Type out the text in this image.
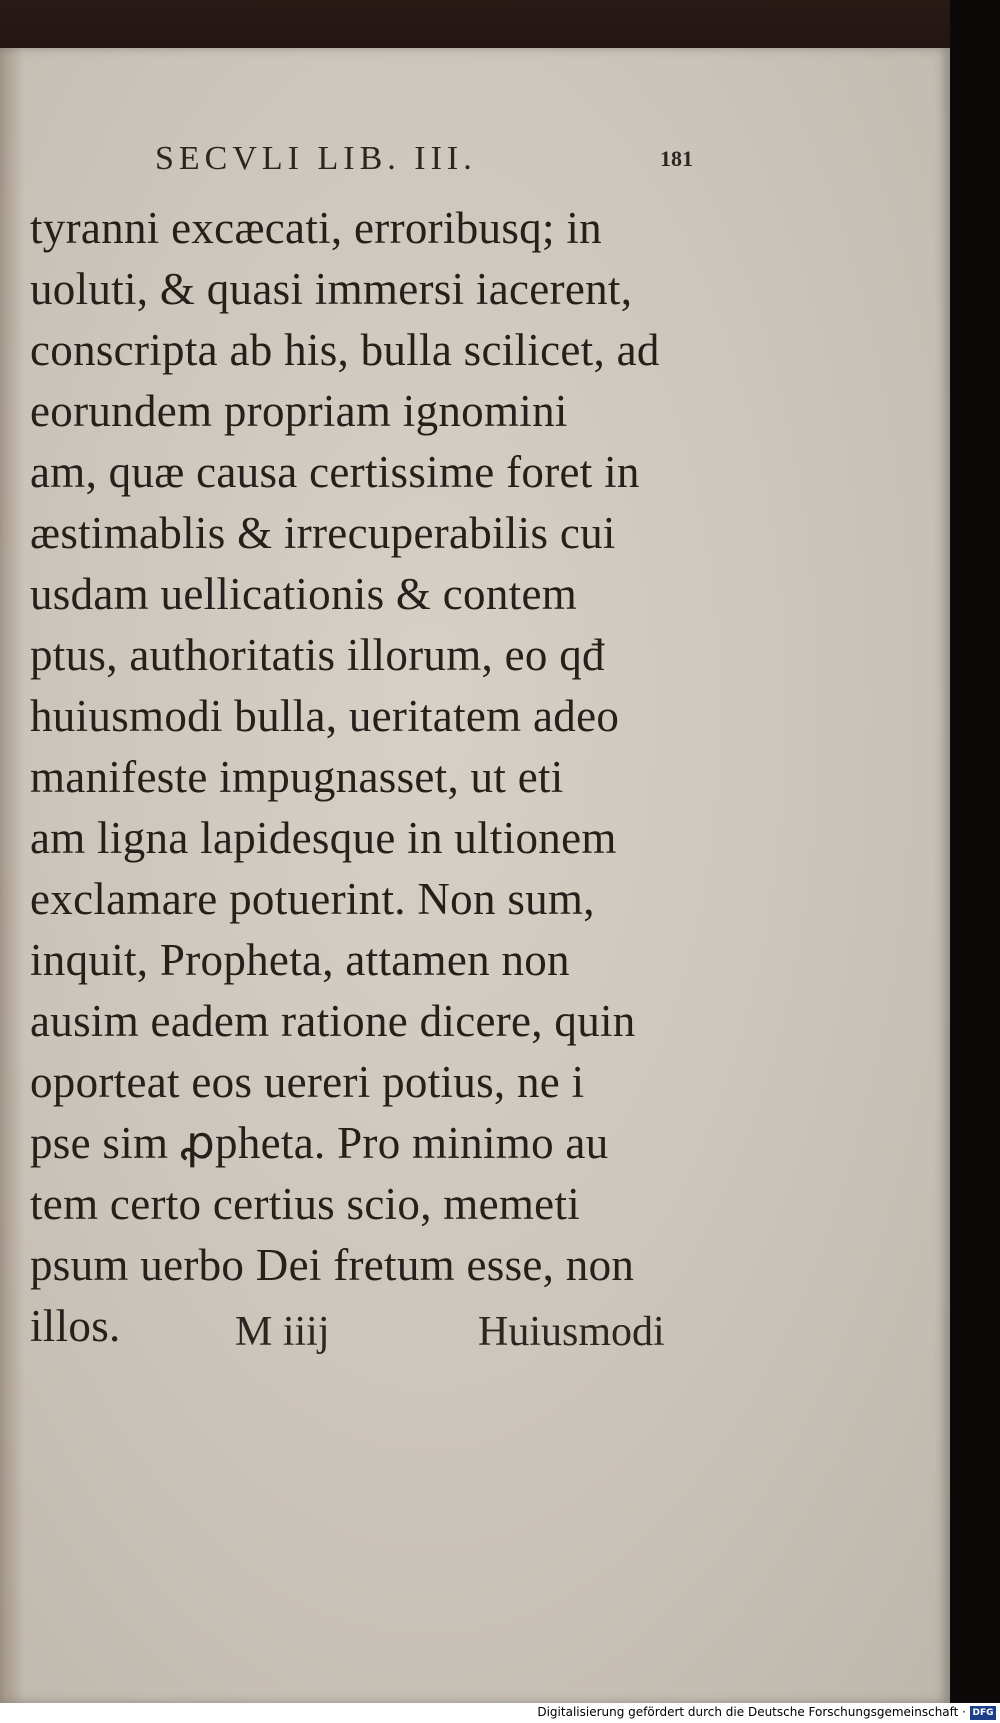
SECVLI LIB. III.	181
tyranni excæcati, erroribusq; in
uoluti, & quasi immersi iacerent,
conscripta ab his, bulla scilicet, ad
eorundem propriam ignomini
am, quæ causa certissime foret in
æstimablis & irrecuperabilis cui
usdam uellicationis & contem
ptus, authoritatis illorum, eo qđ
huiusmodi bulla, ueritatem adeo
manifeste impugnasset, ut eti
am ligna lapidesque in ultionem
exclamare potuerint. Non sum,
inquit, Propheta, attamen non
ausim eadem ratione dicere, quin
oporteat eos uereri potius, ne i
pse sim ꝓpheta. Pro minimo au
tem certo certius scio, memeti
psum uerbo Dei fretum esse, non
illos.	M iiij	Huiusmodi
Digitalisierung gefördert durch die Deutsche Forschungsgemeinschaft · DFG
